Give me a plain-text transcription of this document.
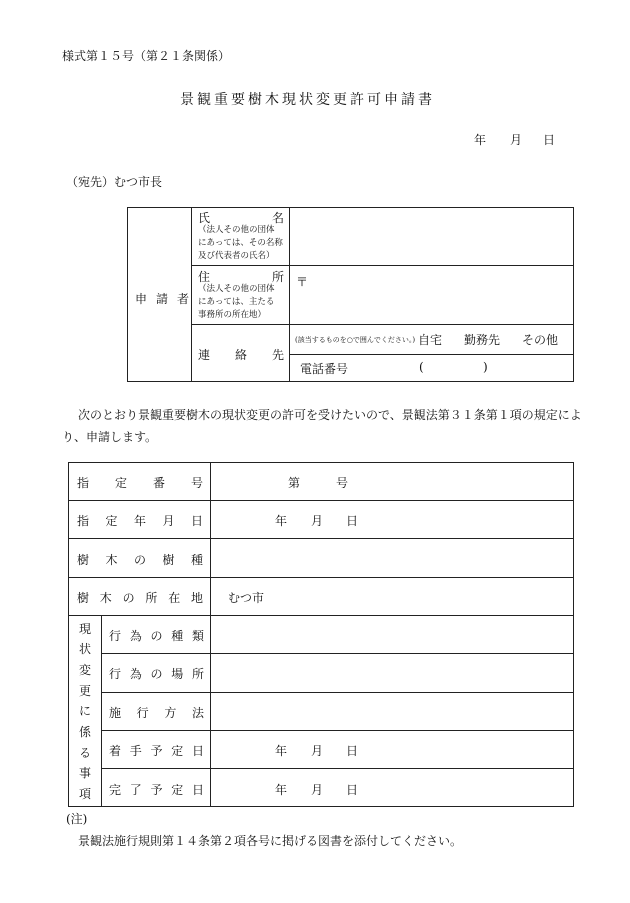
様式第１５号（第２１条関係）
景観重要樹木現状変更許可申請書
年 月 日
（宛先）むつ市長
申請者
氏	名
（法人その他の団体
にあっては、その名称
及び代表者の氏名）
住	所
（法人その他の団体
にあっては、主たる
事務所の所在地）
〒
連 絡 先
(該当するものを○で囲んでください。) 自宅 勤務先 その他
電話番号	(	)
次のとおり景観重要樹木の現状変更の許可を受けたいので、景観法第３１条第１項の規定によ
り、申請します。
指 定 番 号	第	号
指 定 年 月 日	年 月 日
樹 木 の 樹 種
樹 木 の 所 在 地 むつ市
現
状
変
更
に
係
る
事
項
行 為 の 種 類
行 為 の 場 所
施 行 方 法
着 手 予 定 日	年 月 日
完 了 予 定 日	年 月 日
(注)
景観法施行規則第１４条第２項各号に掲げる図書を添付してください。
